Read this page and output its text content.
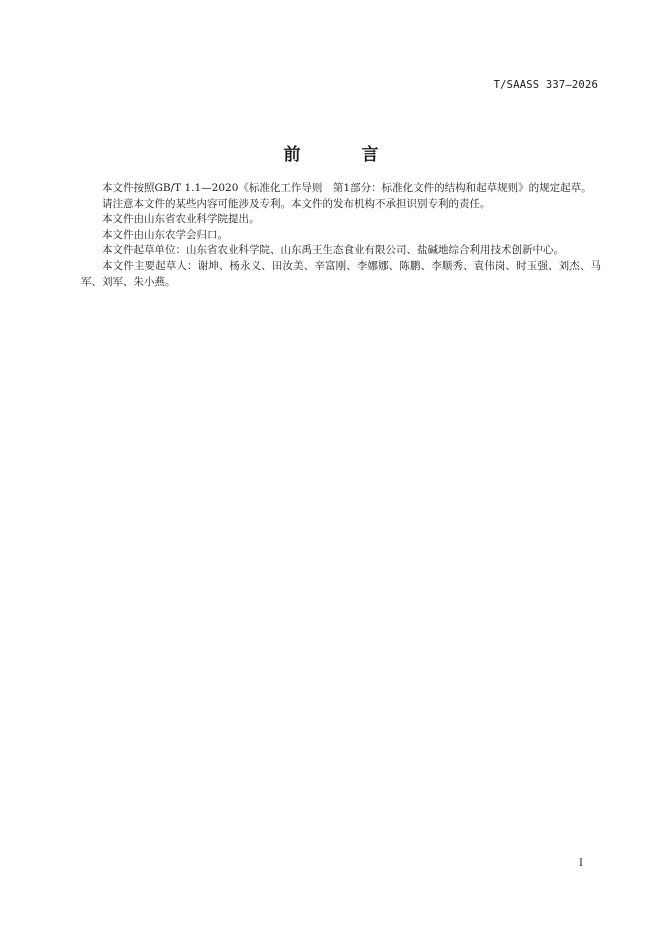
T/SAASS 337—2026
前　言

本文件按照GB/T 1.1—2020《标准化工作导则　第1部分：标准化文件的结构和起草规则》的规定起草。

请注意本文件的某些内容可能涉及专利。本文件的发布机构不承担识别专利的责任。

本文件由山东省农业科学院提出。

本文件由山东农学会归口。

本文件起草单位：山东省农业科学院、山东禹王生态食业有限公司、盐碱地综合利用技术创新中心。

本文件主要起草人：谢坤、杨永义、田汝美、辛富刚、李娜娜、陈鹏、李顺秀、袁伟岗、时玉强、刘杰、马军、刘军、朱小燕。

I
